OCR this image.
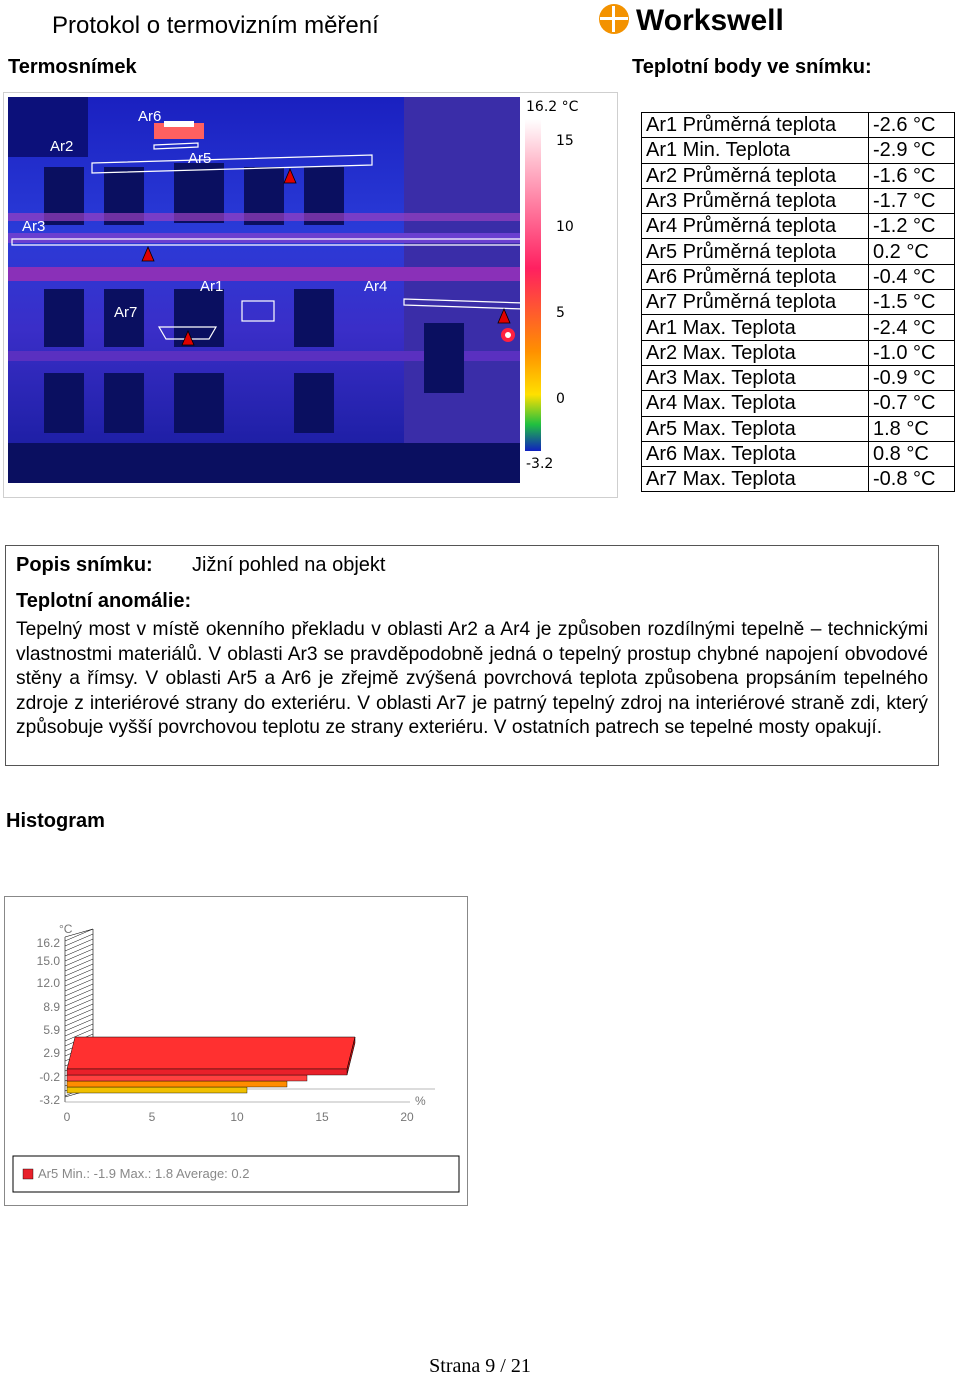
Protokol o termovizním měření	Workswell
Termosnímek	Teplotní body ve snímku:
Ar1
Ar2
Ar3
Ar4
Ar5
Ar6
Ar7
16.2 °C
15
10
5
0
-3.2
Ar1 Průměrná teplota	-2.6 °C
Ar1 Min. Teplota	-2.9 °C
Ar2 Průměrná teplota	-1.6 °C
Ar3 Průměrná teplota	-1.7 °C
Ar4 Průměrná teplota	-1.2 °C
Ar5 Průměrná teplota	0.2 °C
Ar6 Průměrná teplota	-0.4 °C
Ar7 Průměrná teplota	-1.5 °C
Ar1 Max. Teplota	-2.4 °C
Ar2 Max. Teplota	-1.0 °C
Ar3 Max. Teplota	-0.9 °C
Ar4 Max. Teplota	-0.7 °C
Ar5 Max. Teplota	1.8 °C
Ar6 Max. Teplota	0.8 °C
Ar7 Max. Teplota	-0.8 °C
Popis snímku: Jižní pohled na objekt
Teplotní anomálie:
Tepelný most v místě okenního překladu v oblasti Ar2 a Ar4 je způsoben rozdílnými tepelně – technickými vlastnostmi materiálů. V oblasti Ar3 se pravděpodobně jedná o tepelný prostup chybné napojení obvodové stěny a římsy. V oblasti Ar5 a Ar6 je zřejmě zvýšená povrchová teplota způsobena propsáním tepelného zdroje z interiérové strany do exteriéru. V oblasti Ar7 je patrný tepelný zdroj na interiérové straně zdi, který způsobuje vyšší povrchovou teplotu ze strany exteriéru. V ostatních patrech se tepelné mosty opakují.
Histogram
16.2
15.0
12.0
8.9
5.9
2.9
-0.2
-3.2
°C
0	5	10	15	20
%
Ar5 Min.: -1.9 Max.: 1.8 Average: 0.2
Strana 9 / 21
